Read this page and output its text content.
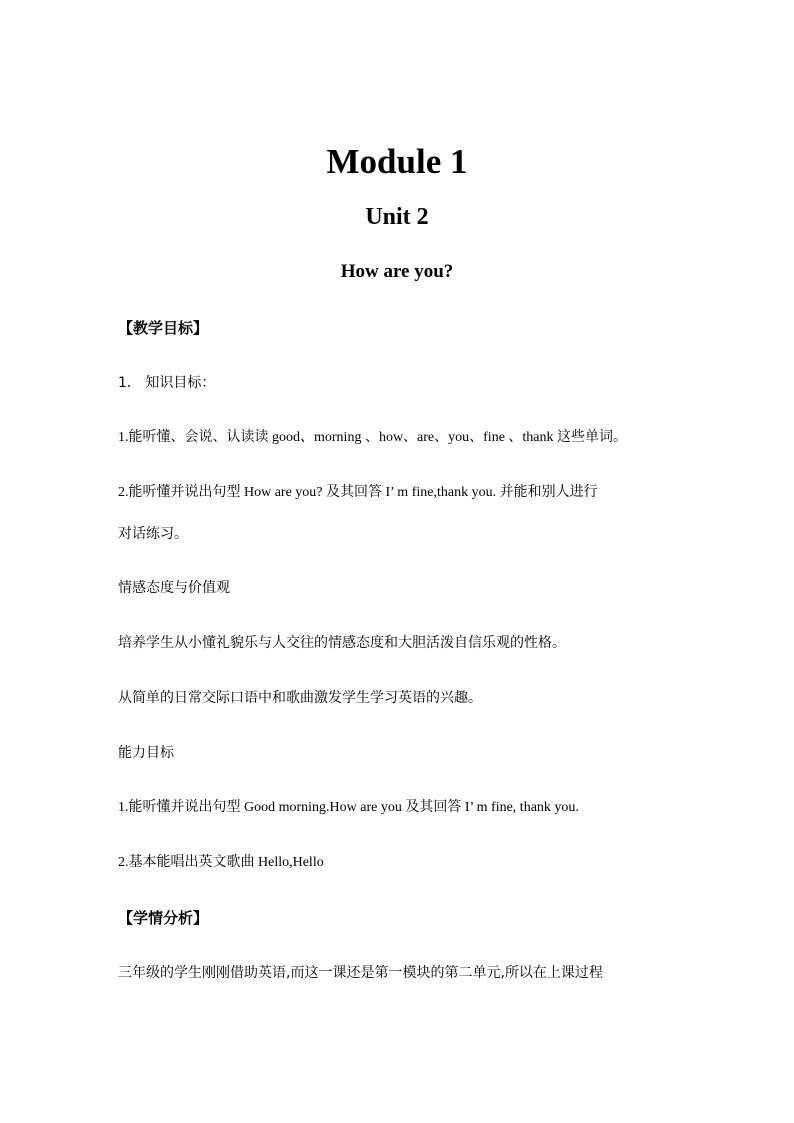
Module 1
Unit 2
How are you?
【教学目标】
1． 知识目标：
1.能听懂、会说、认读读 good、morning 、how、are、you、fine 、thank 这些单词。
2.能听懂并说出句型 How are you? 及其回答 I’ m fine,thank you. 并能和别人进行
对话练习。
情感态度与价值观
培养学生从小懂礼貌乐与人交往的情感态度和大胆活泼自信乐观的性格。
从简单的日常交际口语中和歌曲激发学生学习英语的兴趣。
能力目标
1.能听懂并说出句型 Good morning.How are you 及其回答 I’ m fine, thank you.
2.基本能唱出英文歌曲 Hello,Hello
【学情分析】
三年级的学生刚刚借助英语,而这一课还是第一模块的第二单元,所以在上课过程
